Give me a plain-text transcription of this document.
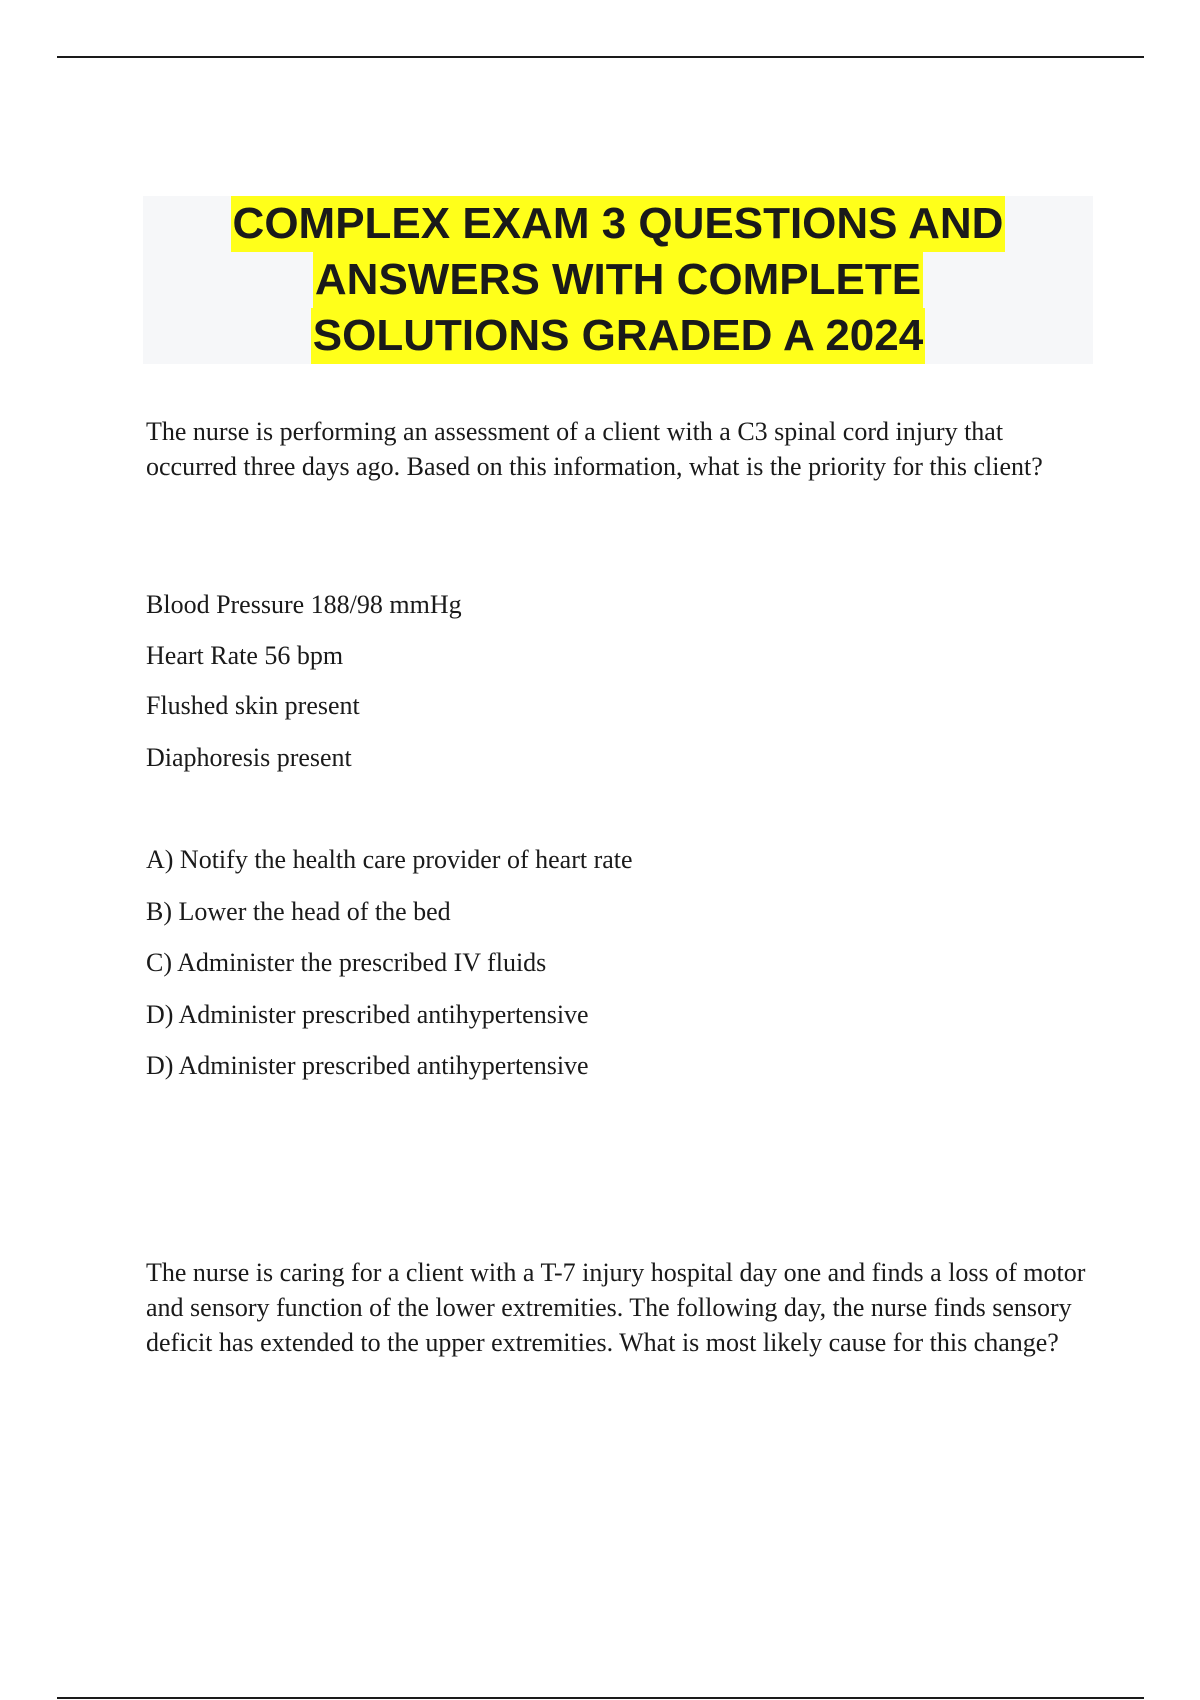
COMPLEX EXAM 3 QUESTIONS AND
ANSWERS WITH COMPLETE
SOLUTIONS GRADED A 2024

The nurse is performing an assessment of a client with a C3 spinal cord injury that occurred three days ago. Based on this information, what is the priority for this client?

Blood Pressure 188/98 mmHg

Heart Rate 56 bpm

Flushed skin present

Diaphoresis present

A) Notify the health care provider of heart rate

B) Lower the head of the bed

C) Administer the prescribed IV fluids

D) Administer prescribed antihypertensive

D) Administer prescribed antihypertensive

The nurse is caring for a client with a T-7 injury hospital day one and finds a loss of motor and sensory function of the lower extremities. The following day, the nurse finds sensory deficit has extended to the upper extremities. What is most likely cause for this change?
